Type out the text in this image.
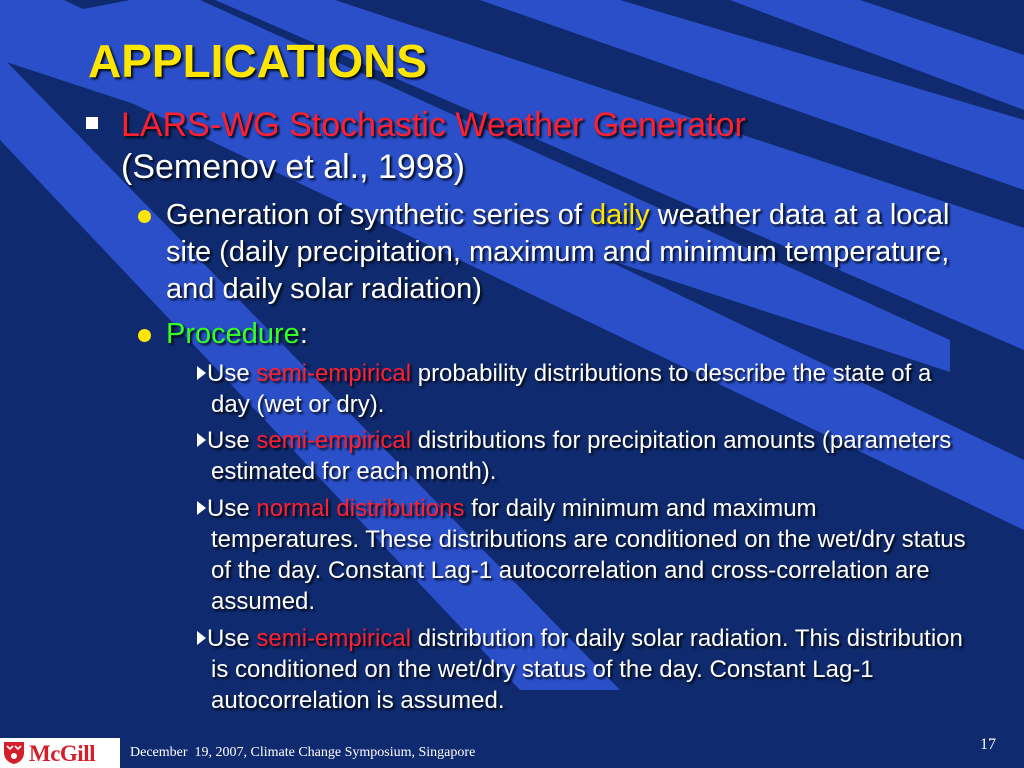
APPLICATIONS
LARS-WG Stochastic Weather Generator
(Semenov et al., 1998)
Generation of synthetic series of daily weather data at a local site (daily precipitation, maximum and minimum temperature, and daily solar radiation)
Procedure:
Use semi-empirical probability distributions to describe the state of a day (wet or dry).
Use semi-empirical distributions for precipitation amounts (parameters estimated for each month).
Use normal distributions for daily minimum and maximum temperatures. These distributions are conditioned on the wet/dry status of the day. Constant Lag-1 autocorrelation and cross-correlation are assumed.
Use semi-empirical distribution for daily solar radiation. This distribution is conditioned on the wet/dry status of the day. Constant Lag-1 autocorrelation is assumed.
McGill	December  19, 2007, Climate Change Symposium, Singapore	17
